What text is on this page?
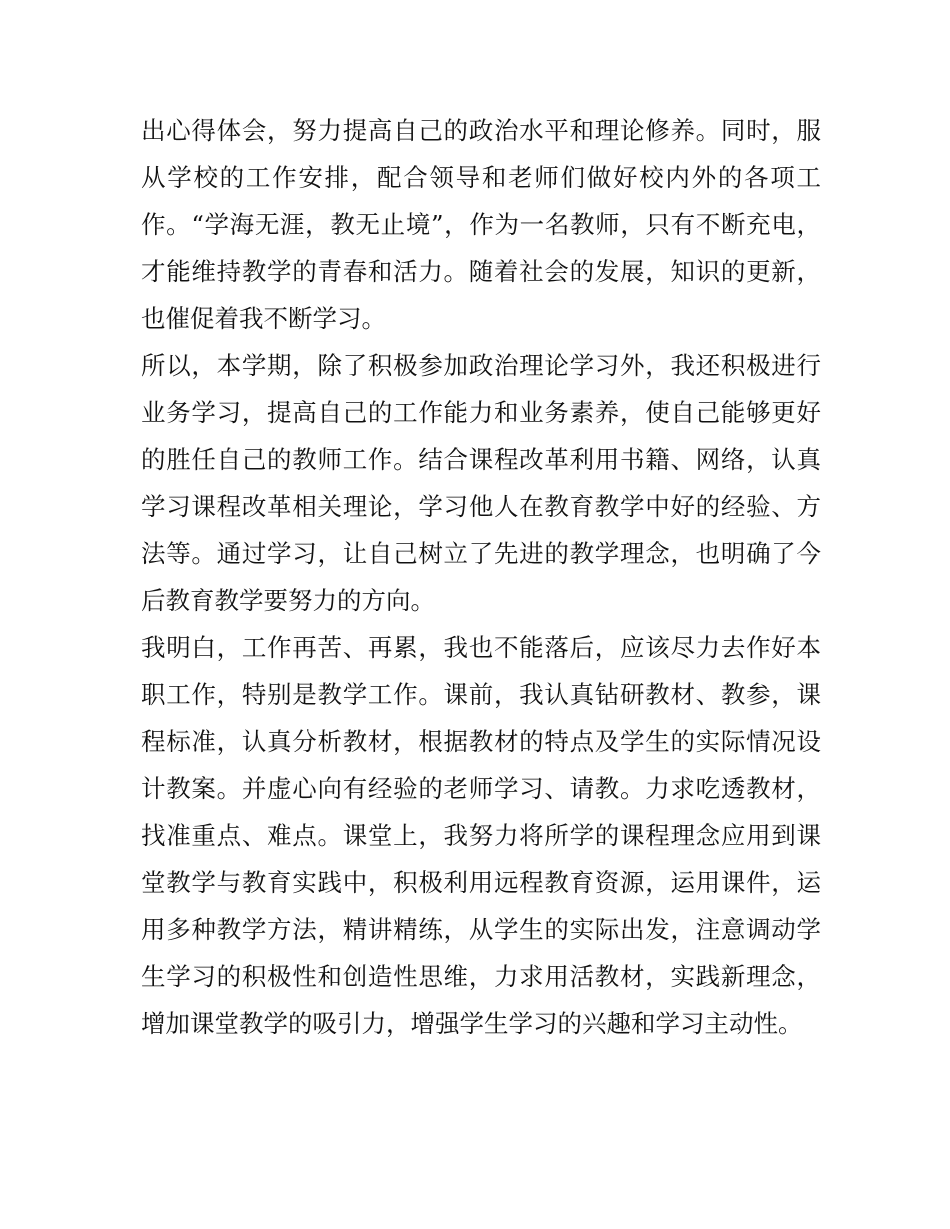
出心得体会，努力提高自己的政治水平和理论修养。同时，服
从学校的工作安排，配合领导和老师们做好校内外的各项工
作。“学海无涯，教无止境”，作为一名教师，只有不断充电，
才能维持教学的青春和活力。随着社会的发展，知识的更新，
也催促着我不断学习。
所以，本学期，除了积极参加政治理论学习外，我还积极进行
业务学习，提高自己的工作能力和业务素养，使自己能够更好
的胜任自己的教师工作。结合课程改革利用书籍、网络，认真
学习课程改革相关理论，学习他人在教育教学中好的经验、方
法等。通过学习，让自己树立了先进的教学理念，也明确了今
后教育教学要努力的方向。
我明白，工作再苦、再累，我也不能落后，应该尽力去作好本
职工作，特别是教学工作。课前，我认真钻研教材、教参，课
程标准，认真分析教材，根据教材的特点及学生的实际情况设
计教案。并虚心向有经验的老师学习、请教。力求吃透教材，
找准重点、难点。课堂上，我努力将所学的课程理念应用到课
堂教学与教育实践中，积极利用远程教育资源，运用课件，运
用多种教学方法，精讲精练，从学生的实际出发，注意调动学
生学习的积极性和创造性思维，力求用活教材，实践新理念，
增加课堂教学的吸引力，增强学生学习的兴趣和学习主动性。
